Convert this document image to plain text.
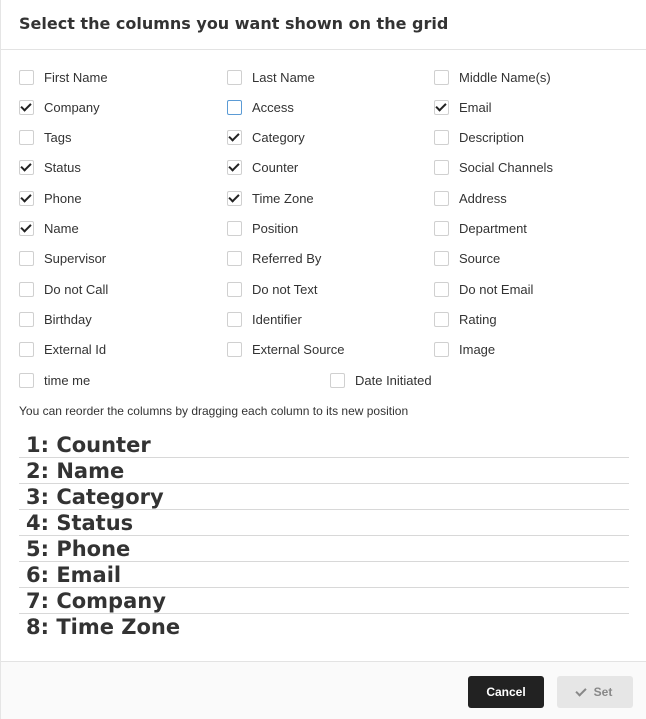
Select the columns you want shown on the grid
First Name	Last Name	Middle Name(s)
Company	Access	Email
Tags	Category	Description
Status	Counter	Social Channels
Phone	Time Zone	Address
Name	Position	Department
Supervisor	Referred By	Source
Do not Call	Do not Text	Do not Email
Birthday	Identifier	Rating
External Id	External Source	Image
time me	Date Initiated
You can reorder the columns by dragging each column to its new position
1: Counter
2: Name
3: Category
4: Status
5: Phone
6: Email
7: Company
8: Time Zone
Cancel	Set
